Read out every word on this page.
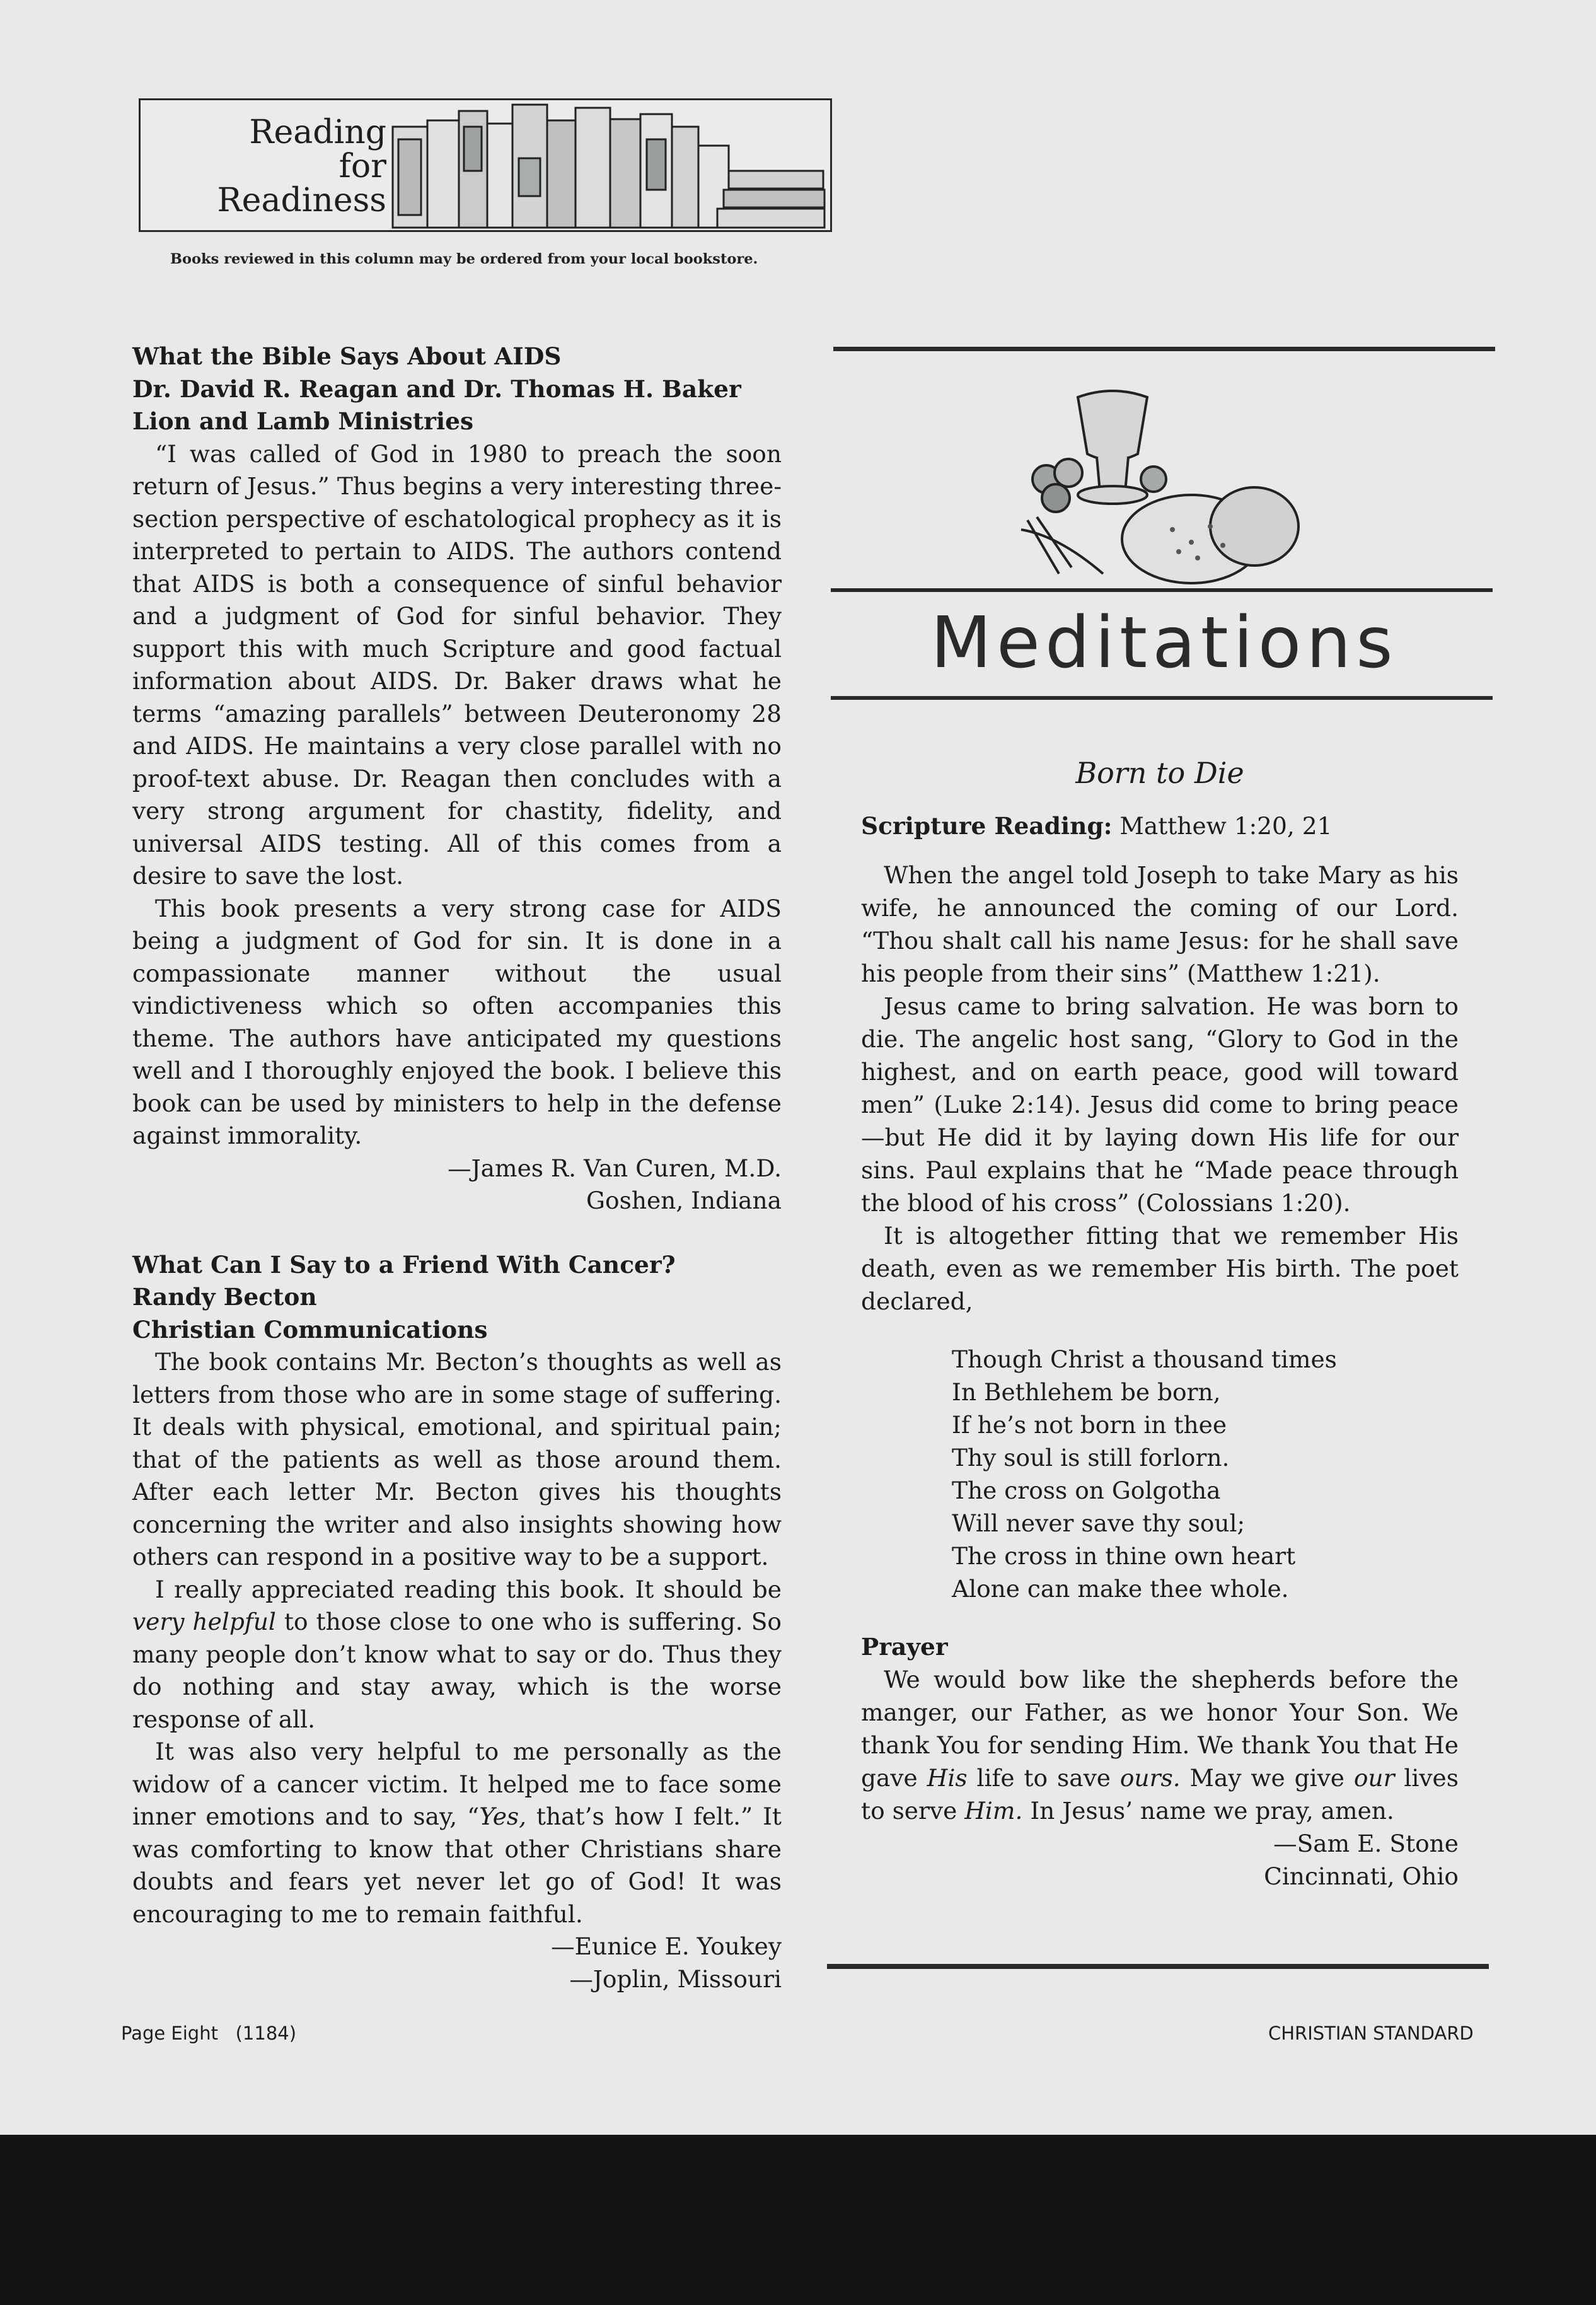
Reading
for
Readiness
Books reviewed in this column may be ordered from your local bookstore.
What the Bible Says About AIDS
Dr. David R. Reagan and Dr. Thomas H. Baker
Lion and Lamb Ministries

“I was called of God in 1980 to preach the soon return of Jesus.” Thus begins a very interesting three-section perspective of eschatological prophecy as it is interpreted to pertain to AIDS. The authors contend that AIDS is both a consequence of sinful behavior and a judgment of God for sinful behavior. They support this with much Scripture and good factual information about AIDS. Dr. Baker draws what he terms “amazing parallels” between Deuteronomy 28 and AIDS. He maintains a very close parallel with no proof-text abuse. Dr. Reagan then concludes with a very strong argument for chastity, fidelity, and universal AIDS testing. All of this comes from a desire to save the lost.

This book presents a very strong case for AIDS being a judgment of God for sin. It is done in a compassionate manner without the usual vindictiveness which so often accompanies this theme. The authors have anticipated my questions well and I thoroughly enjoyed the book. I believe this book can be used by ministers to help in the defense against immorality.

—James R. Van Curen, M.D.

Goshen, Indiana

What Can I Say to a Friend With Cancer?
Randy Becton
Christian Communications

The book contains Mr. Becton’s thoughts as well as letters from those who are in some stage of suffering. It deals with physical, emotional, and spiritual pain; that of the patients as well as those around them. After each letter Mr. Becton gives his thoughts concerning the writer and also insights showing how others can respond in a positive way to be a support.

I really appreciated reading this book. It should be very helpful to those close to one who is suffering. So many people don’t know what to say or do. Thus they do nothing and stay away, which is the worse response of all.

It was also very helpful to me personally as the widow of a cancer victim. It helped me to face some inner emotions and to say, “Yes, that’s how I felt.” It was comforting to know that other Christians share doubts and fears yet never let go of God! It was encouraging to me to remain faithful.

—Eunice E. Youkey

—Joplin, Missouri

Meditations

Born to Die

Scripture Reading: Matthew 1:20, 21

When the angel told Joseph to take Mary as his wife, he announced the coming of our Lord. “Thou shalt call his name Jesus: for he shall save his people from their sins” (Matthew 1:21).

Jesus came to bring salvation. He was born to die. The angelic host sang, “Glory to God in the highest, and on earth peace, good will toward men” (Luke 2:14). Jesus did come to bring peace—but He did it by laying down His life for our sins. Paul explains that he “Made peace through the blood of his cross” (Colossians 1:20).

It is altogether fitting that we remember His death, even as we remember His birth. The poet declared,

Though Christ a thousand times
In Bethlehem be born,
If he’s not born in thee
Thy soul is still forlorn.
The cross on Golgotha
Will never save thy soul;
The cross in thine own heart
Alone can make thee whole.

Prayer

We would bow like the shepherds before the manger, our Father, as we honor Your Son. We thank You for sending Him. We thank You that He gave His life to save ours. May we give our lives to serve Him. In Jesus’ name we pray, amen.

—Sam E. Stone

Cincinnati, Ohio

Page Eight   (1184)	CHRISTIAN STANDARD
